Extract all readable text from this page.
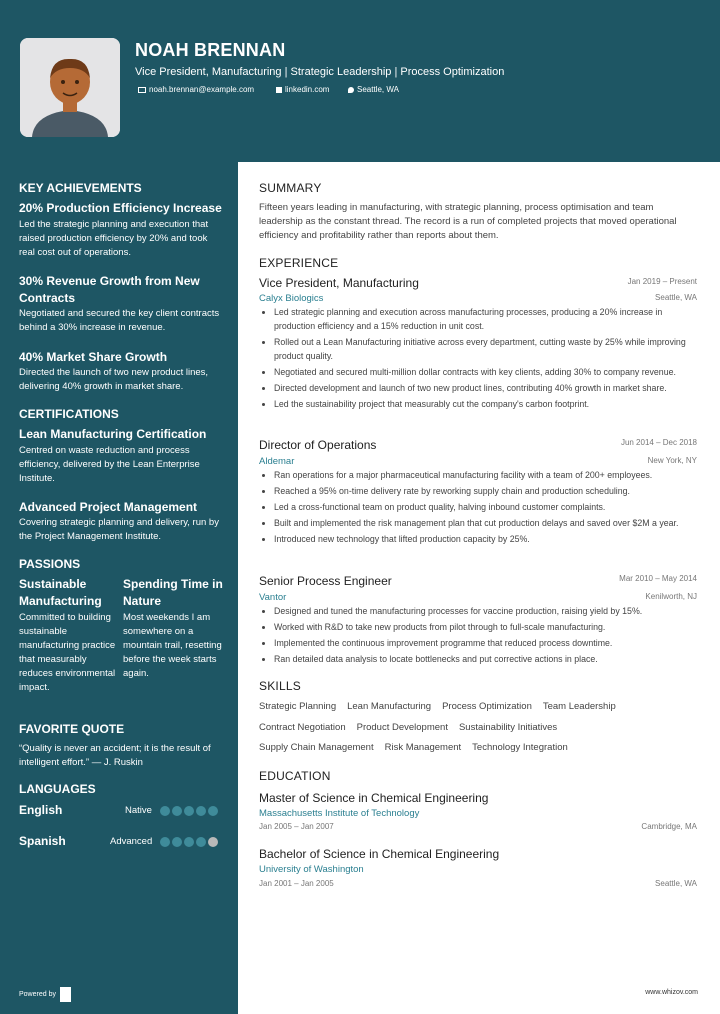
NOAH BRENNAN
Vice President, Manufacturing | Strategic Leadership | Process Optimization
noah.brennan@example.com	linkedin.com	Seattle, WA
KEY ACHIEVEMENTS
20% Production Efficiency Increase
Led the strategic planning and execution that raised production efficiency by 20% and took real cost out of operations.
30% Revenue Growth from New Contracts
Negotiated and secured the key client contracts behind a 30% increase in revenue.
40% Market Share Growth
Directed the launch of two new product lines, delivering 40% growth in market share.
CERTIFICATIONS
Lean Manufacturing Certification
Centred on waste reduction and process efficiency, delivered by the Lean Enterprise Institute.
Advanced Project Management
Covering strategic planning and delivery, run by the Project Management Institute.
PASSIONS
Sustainable Manufacturing
Committed to building sustainable manufacturing practice that measurably reduces environmental impact.
Spending Time in Nature
Most weekends I am somewhere on a mountain trail, resetting before the week starts again.
FAVORITE QUOTE
“Quality is never an accident; it is the result of intelligent effort.” — J. Ruskin
LANGUAGES
English	Native
Spanish	Advanced
Powered by	www.whizov.com
SUMMARY
Fifteen years leading in manufacturing, with strategic planning, process optimisation and team leadership as the constant thread. The record is a run of completed projects that moved operational efficiency and profitability rather than reports about them.
EXPERIENCE
Vice President, Manufacturing	Jan 2019 – Present
Calyx Biologics	Seattle, WA
• Led strategic planning and execution across manufacturing processes, producing a 20% increase in production efficiency and a 15% reduction in unit cost.
• Rolled out a Lean Manufacturing initiative across every department, cutting waste by 25% while improving product quality.
• Negotiated and secured multi-million dollar contracts with key clients, adding 30% to company revenue.
• Directed development and launch of two new product lines, contributing 40% growth in market share.
• Led the sustainability project that measurably cut the company's carbon footprint.
Director of Operations	Jun 2014 – Dec 2018
Aldemar	New York, NY
• Ran operations for a major pharmaceutical manufacturing facility with a team of 200+ employees.
• Reached a 95% on-time delivery rate by reworking supply chain and production scheduling.
• Led a cross-functional team on product quality, halving inbound customer complaints.
• Built and implemented the risk management plan that cut production delays and saved over $2M a year.
• Introduced new technology that lifted production capacity by 25%.
Senior Process Engineer	Mar 2010 – May 2014
Vantor	Kenilworth, NJ
• Designed and tuned the manufacturing processes for vaccine production, raising yield by 15%.
• Worked with R&D to take new products from pilot through to full-scale manufacturing.
• Implemented the continuous improvement programme that reduced process downtime.
• Ran detailed data analysis to locate bottlenecks and put corrective actions in place.
SKILLS
Strategic Planning Lean Manufacturing Process Optimization Team Leadership
Contract Negotiation Product Development Sustainability Initiatives
Supply Chain Management Risk Management Technology Integration
EDUCATION
Master of Science in Chemical Engineering
Massachusetts Institute of Technology
Jan 2005 – Jan 2007	Cambridge, MA
Bachelor of Science in Chemical Engineering
University of Washington
Jan 2001 – Jan 2005	Seattle, WA
